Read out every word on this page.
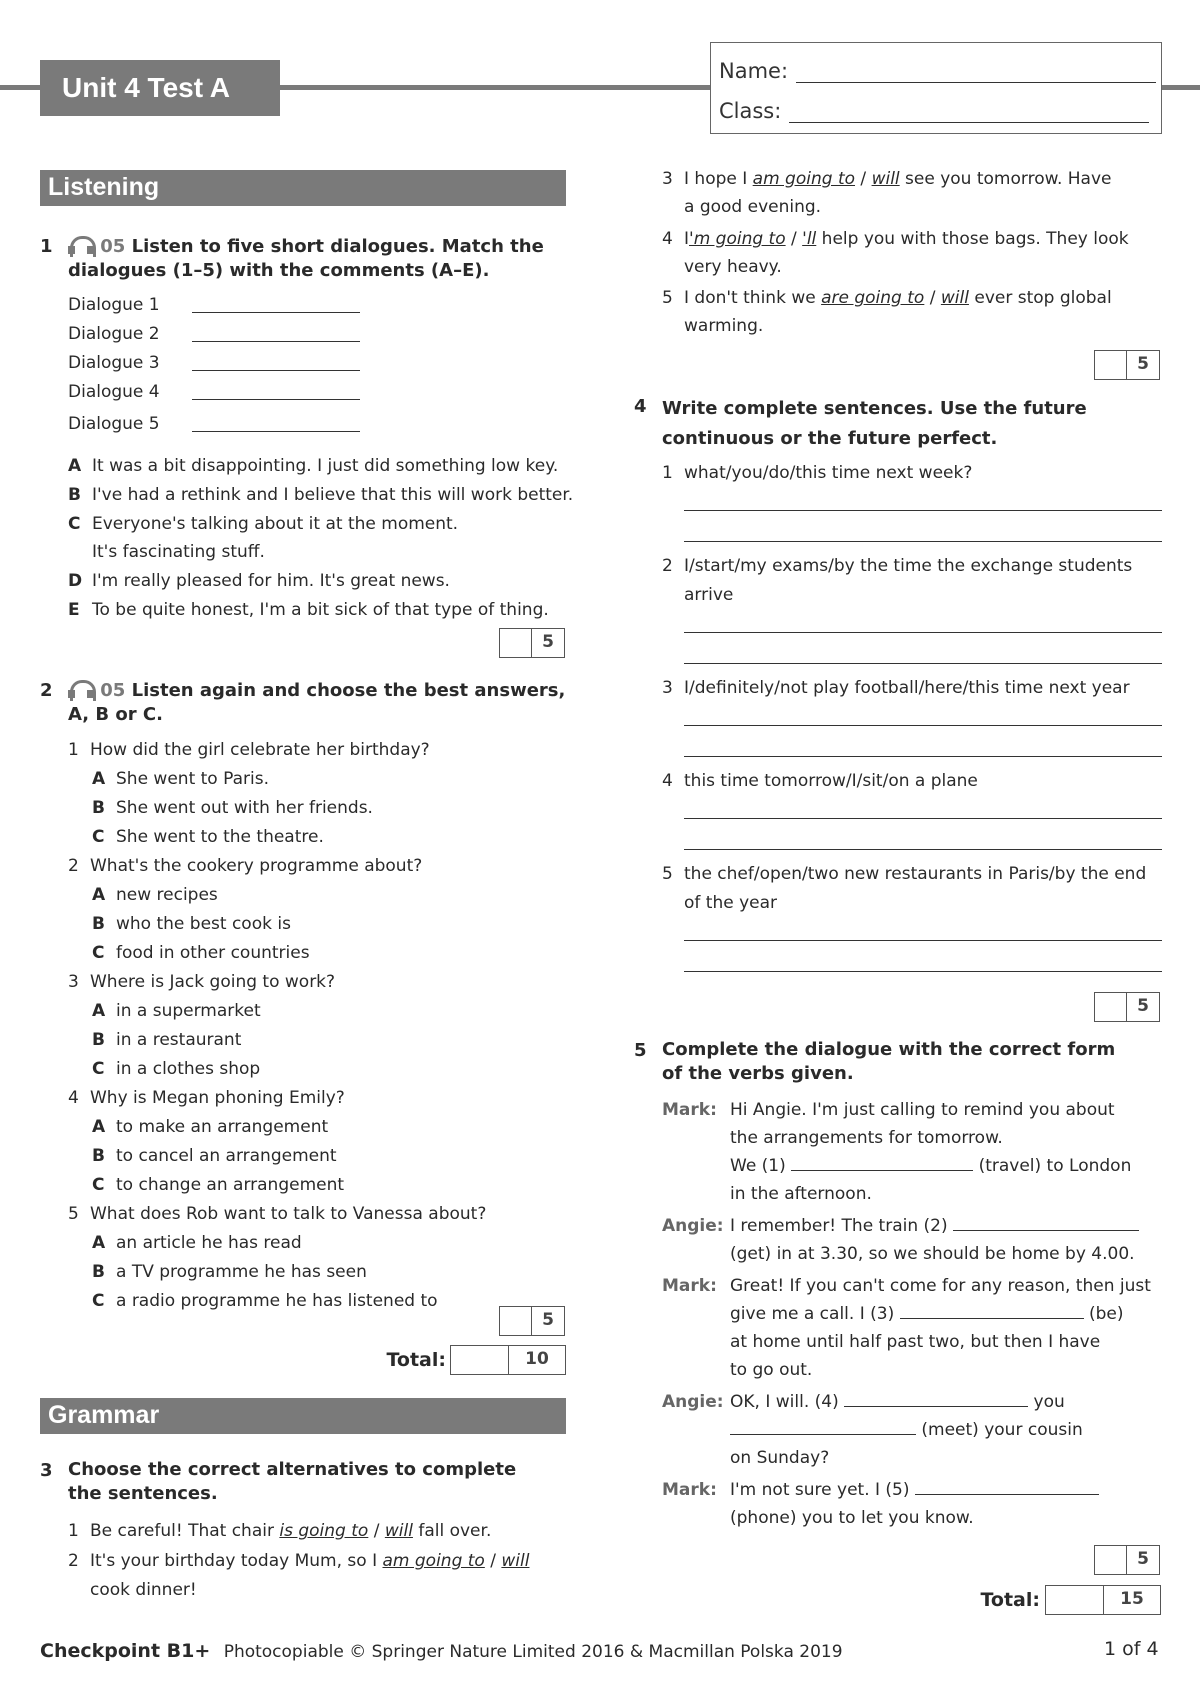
Unit 4 Test A
Name:
Class:
Listening
1	05 Listen to five short dialogues. Match the
dialogues (1–5) with the comments (A–E).
Dialogue 1
Dialogue 2
Dialogue 3
Dialogue 4
Dialogue 5
A It was a bit disappointing. I just did something low key.
B I've had a rethink and I believe that this will work better.
C Everyone's talking about it at the moment.
It's fascinating stuff.
D I'm really pleased for him. It's great news.
E To be quite honest, I'm a bit sick of that type of thing.
5
2	05 Listen again and choose the best answers,
A, B or C.
1 How did the girl celebrate her birthday?
A She went to Paris.
B She went out with her friends.
C She went to the theatre.
2 What's the cookery programme about?
A new recipes
B who the best cook is
C food in other countries
3 Where is Jack going to work?
A in a supermarket
B in a restaurant
C in a clothes shop
4 Why is Megan phoning Emily?
A to make an arrangement
B to cancel an arrangement
C to change an arrangement
5 What does Rob want to talk to Vanessa about?
A an article he has read
B a TV programme he has seen
C a radio programme he has listened to
5
Total:	10
Grammar
3 Choose the correct alternatives to complete
the sentences.
1 Be careful! That chair is going to / will fall over.
2 It's your birthday today Mum, so I am going to / will
cook dinner!
3 I hope I am going to / will see you tomorrow. Have
a good evening.
4 I'm going to / 'll help you with those bags. They look
very heavy.
5 I don't think we are going to / will ever stop global
warming.
5
4 Write complete sentences. Use the future
continuous or the future perfect.
1 what/you/do/this time next week?
2 I/start/my exams/by the time the exchange students
arrive
3 I/definitely/not play football/here/this time next year
4 this time tomorrow/I/sit/on a plane
5 the chef/open/two new restaurants in Paris/by the end
of the year
5
5 Complete the dialogue with the correct form
of the verbs given.
Mark: Hi Angie. I'm just calling to remind you about
the arrangements for tomorrow.
We (1)	(travel) to London
in the afternoon.
Angie: I remember! The train (2)
(get) in at 3.30, so we should be home by 4.00.
Mark: Great! If you can't come for any reason, then just
give me a call. I (3)	(be)
at home until half past two, but then I have
to go out.
Angie: OK, I will. (4)	you
(meet) your cousin
on Sunday?
Mark: I'm not sure yet. I (5)
(phone) you to let you know.
5
Total:	15
Checkpoint B1+ Photocopiable © Springer Nature Limited 2016 & Macmillan Polska 2019	1 of 4
